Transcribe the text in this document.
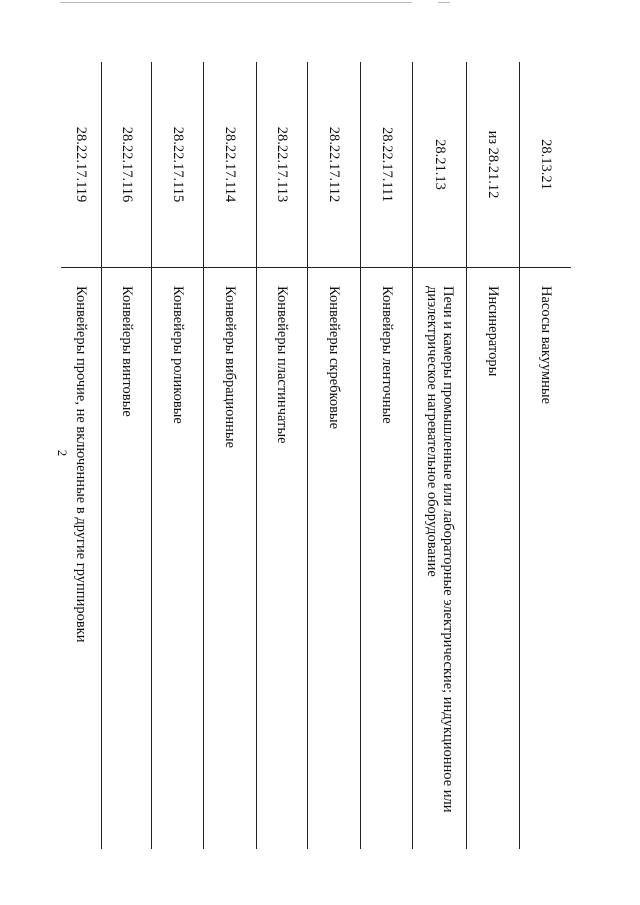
2
28.13.21	Насосы вакуумные
из 28.21.12	Инсинераторы
28.21.13	Печи и камеры промышленные или лабораторные электрические; индукционное или диэлектрическое нагревательное оборудование
28.22.17.111	Конвейеры ленточные
28.22.17.112	Конвейеры скребковые
28.22.17.113	Конвейеры пластинчатые
28.22.17.114	Конвейеры вибрационные
28.22.17.115	Конвейеры роликовые
28.22.17.116	Конвейеры винтовые
28.22.17.119	Конвейеры прочие, не включенные в другие группировки
